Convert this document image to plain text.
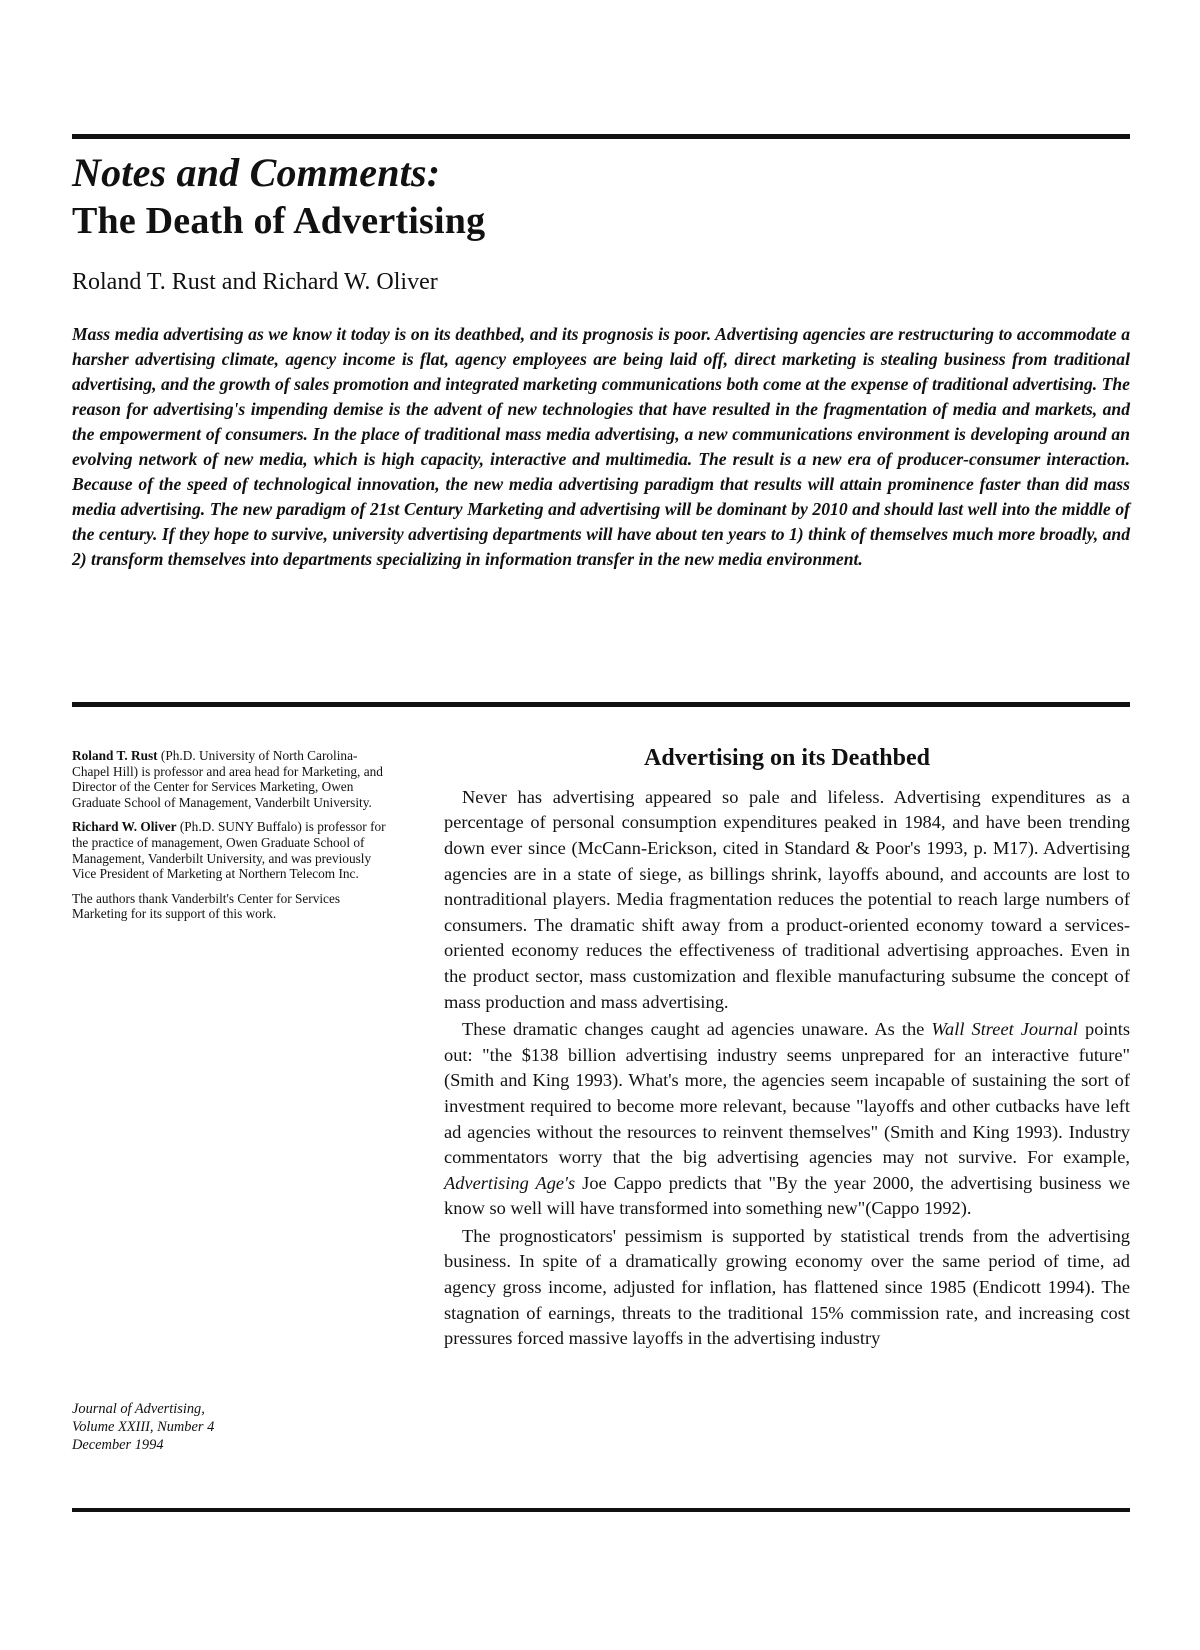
Notes and Comments:
The Death of Advertising

Roland T. Rust and Richard W. Oliver

Mass media advertising as we know it today is on its deathbed, and its prognosis is poor. Advertising agencies are restructuring to accommodate a harsher advertising climate, agency income is flat, agency employees are being laid off, direct marketing is stealing business from traditional advertising, and the growth of sales promotion and integrated marketing communications both come at the expense of traditional advertising. The reason for advertising's impending demise is the advent of new technologies that have resulted in the fragmentation of media and markets, and the empowerment of consumers. In the place of traditional mass media advertising, a new communications environment is developing around an evolving network of new media, which is high capacity, interactive and multimedia. The result is a new era of producer-consumer interaction. Because of the speed of technological innovation, the new media advertising paradigm that results will attain prominence faster than did mass media advertising. The new paradigm of 21st Century Marketing and advertising will be dominant by 2010 and should last well into the middle of the century. If they hope to survive, university advertising departments will have about ten years to 1) think of themselves much more broadly, and 2) transform themselves into departments specializing in information transfer in the new media environment.

Roland T. Rust (Ph.D. University of North Carolina-Chapel Hill) is professor and area head for Marketing, and Director of the Center for Services Marketing, Owen Graduate School of Management, Vanderbilt University.

Richard W. Oliver (Ph.D. SUNY Buffalo) is professor for the practice of management, Owen Graduate School of Management, Vanderbilt University, and was previously Vice President of Marketing at Northern Telecom Inc.

The authors thank Vanderbilt's Center for Services Marketing for its support of this work.

Journal of Advertising,
Volume XXIII, Number 4
December 1994
Advertising on its Deathbed

Never has advertising appeared so pale and lifeless. Advertising expenditures as a percentage of personal consumption expenditures peaked in 1984, and have been trending down ever since (McCann-Erickson, cited in Standard & Poor's 1993, p. M17). Advertising agencies are in a state of siege, as billings shrink, layoffs abound, and accounts are lost to nontraditional players. Media fragmentation reduces the potential to reach large numbers of consumers. The dramatic shift away from a product-oriented economy toward a services-oriented economy reduces the effectiveness of traditional advertising approaches. Even in the product sector, mass customization and flexible manufacturing subsume the concept of mass production and mass advertising.

These dramatic changes caught ad agencies unaware. As the Wall Street Journal points out: "the $138 billion advertising industry seems unprepared for an interactive future" (Smith and King 1993). What's more, the agencies seem incapable of sustaining the sort of investment required to become more relevant, because "layoffs and other cutbacks have left ad agencies without the resources to reinvent themselves" (Smith and King 1993). Industry commentators worry that the big advertising agencies may not survive. For example, Advertising Age's Joe Cappo predicts that "By the year 2000, the advertising business we know so well will have transformed into something new"(Cappo 1992).

The prognosticators' pessimism is supported by statistical trends from the advertising business. In spite of a dramatically growing economy over the same period of time, ad agency gross income, adjusted for inflation, has flattened since 1985 (Endicott 1994). The stagnation of earnings, threats to the traditional 15% commission rate, and increasing cost pressures forced massive layoffs in the advertising industry
